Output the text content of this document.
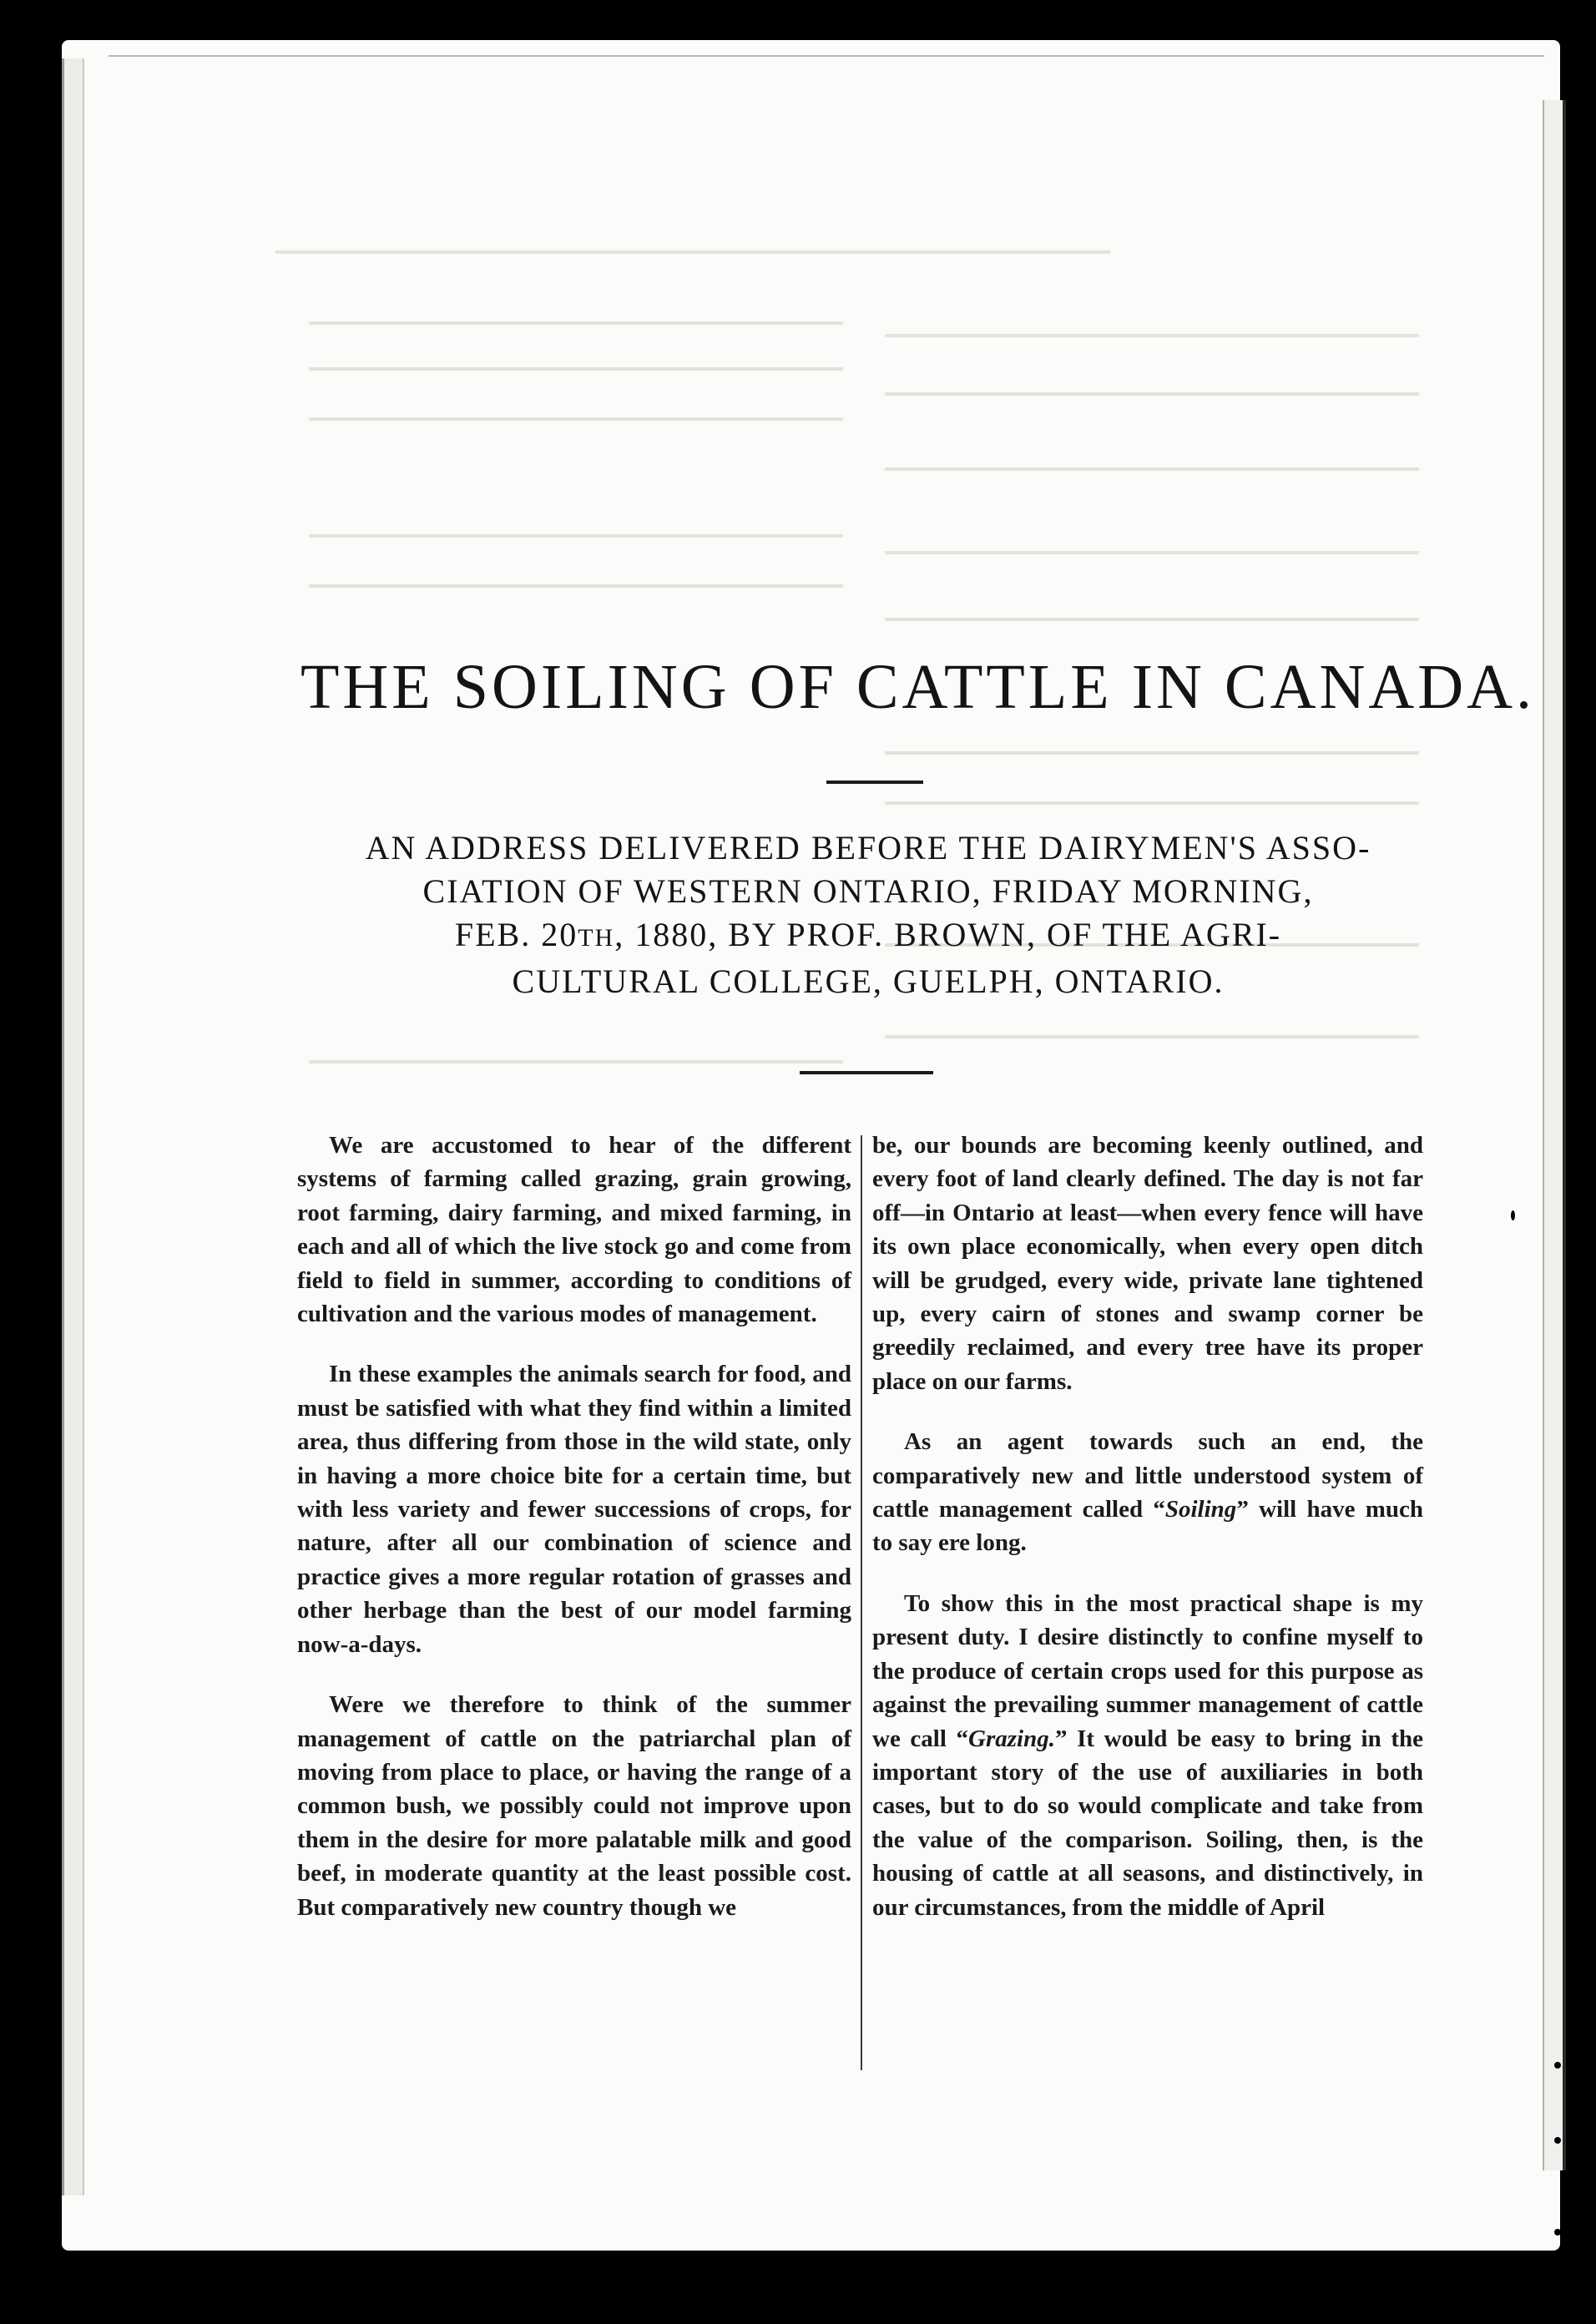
THE SOILING OF CATTLE IN CANADA.
AN ADDRESS DELIVERED BEFORE THE DAIRYMEN'S ASSO-
CIATION OF WESTERN ONTARIO, FRIDAY MORNING,
FEB. 20TH, 1880, BY PROF. BROWN, OF THE AGRI-
CULTURAL COLLEGE, GUELPH, ONTARIO.

We are accustomed to hear of the different systems of farming called grazing, grain growing, root farming, dairy farming, and mixed farming, in each and all of which the live stock go and come from field to field in summer, according to conditions of cultivation and the various modes of management.

In these examples the animals search for food, and must be satisfied with what they find within a limited area, thus differing from those in the wild state, only in having a more choice bite for a certain time, but with less variety and fewer successions of crops, for nature, after all our combination of science and practice gives a more regular rotation of grasses and other herbage than the best of our model farming now-a-days.

Were we therefore to think of the summer management of cattle on the patriarchal plan of moving from place to place, or having the range of a common bush, we possibly could not improve upon them in the desire for more palatable milk and good beef, in moderate quantity at the least possible cost. But comparatively new country though we

be, our bounds are becoming keenly outlined, and every foot of land clearly defined. The day is not far off—in Ontario at least—when every fence will have its own place economically, when every open ditch will be grudged, every wide, private lane tightened up, every cairn of stones and swamp corner be greedily reclaimed, and every tree have its proper place on our farms.

As an agent towards such an end, the comparatively new and little understood system of cattle management called “Soiling” will have much to say ere long.

To show this in the most practical shape is my present duty. I desire distinctly to confine myself to the produce of certain crops used for this purpose as against the prevailing summer management of cattle we call “Grazing.” It would be easy to bring in the important story of the use of auxiliaries in both cases, but to do so would complicate and take from the value of the comparison. Soiling, then, is the housing of cattle at all seasons, and distinctively, in our circumstances, from the middle of April
